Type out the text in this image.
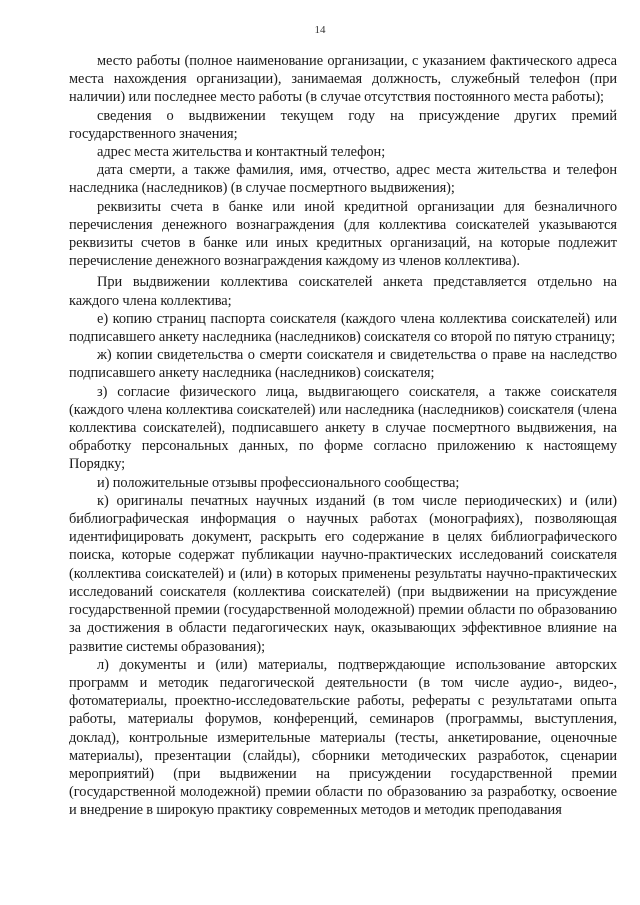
14

место работы (полное наименование организации, с указанием фактического адреса места нахождения организации), занимаемая должность, служебный телефон (при наличии) или последнее место работы (в случае отсутствия постоянного места работы);

сведения о выдвижении текущем году на присуждение других премий государственного значения;

адрес места жительства и контактный телефон;

дата смерти, а также фамилия, имя, отчество, адрес места жительства и телефон наследника (наследников) (в случае посмертного выдвижения);

реквизиты счета в банке или иной кредитной организации для безналичного перечисления денежного вознаграждения (для коллектива соискателей указываются реквизиты счетов в банке или иных кредитных организаций, на которые подлежит перечисление денежного вознаграждения каждому из членов коллектива).

При выдвижении коллектива соискателей анкета представляется отдельно на каждого члена коллектива;

е) копию страниц паспорта соискателя (каждого члена коллектива соискателей) или подписавшего анкету наследника (наследников) соискателя со второй по пятую страницу;

ж) копии свидетельства о смерти соискателя и свидетельства о праве на наследство подписавшего анкету наследника (наследников) соискателя;

з) согласие физического лица, выдвигающего соискателя, а также соискателя (каждого члена коллектива соискателей) или наследника (наследников) соискателя (члена коллектива соискателей), подписавшего анкету в случае посмертного выдвижения, на обработку персональных данных, по форме согласно приложению к настоящему Порядку;

и) положительные отзывы профессионального сообщества;

к) оригиналы печатных научных изданий (в том числе периодических) и (или) библиографическая информация о научных работах (монографиях), позволяющая идентифицировать документ, раскрыть его содержание в целях библиографического поиска, которые содержат публикации научно-практических исследований соискателя (коллектива соискателей) и (или) в которых применены результаты научно-практических исследований соискателя (коллектива соискателей) (при выдвижении на присуждение государственной премии (государственной молодежной) премии области по образованию за достижения в области педагогических наук, оказывающих эффективное влияние на развитие системы образования);

л) документы и (или) материалы, подтверждающие использование авторских программ и методик педагогической деятельности (в том числе аудио-, видео-, фотоматериалы, проектно-исследовательские работы, рефераты с результатами опыта работы, материалы форумов, конференций, семинаров (программы, выступления, доклад), контрольные измерительные материалы (тесты, анкетирование, оценочные материалы), презентации (слайды), сборники методических разработок, сценарии мероприятий) (при выдвижении на присуждении государственной премии (государственной молодежной) премии области по образованию за разработку, освоение и внедрение в широкую практику современных методов и методик преподавания
